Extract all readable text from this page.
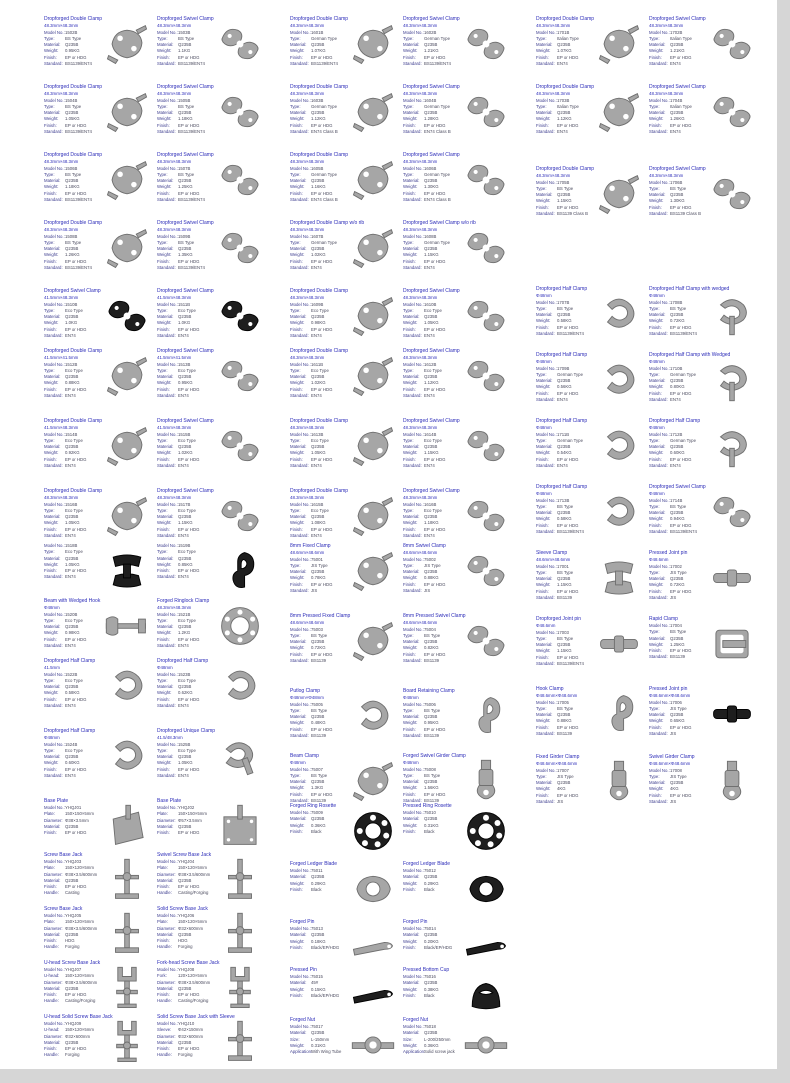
Dropforged Double Clamp
48.3mm×48.3mm
Model No.: 1502B
Type:	BS Type
Material:	Q235B
Weight:	0.95KG
Finish:	EP or HDG
Standard: BS1139/EN74
Dropforged Swivel Clamp
48.3mm×48.3mm
Model No.: 1503B
Type:	BS Type
Material:	Q235B
Weight:	1.1KG
Finish:	EP or HDG
Standard: BS1139/EN74
Dropforged Double Clamp
48.3mm×48.3mm
Model No.: 1504B
Type:	BS Type
Material:	Q235B
Weight:	1.05KG
Finish:	EP or HDG
Standard: BS1139/EN74
Dropforged Swivel Clamp
48.3mm×48.3mm
Model No.: 1505B
Type:	BS Type
Material:	Q235B
Weight:	1.18KG
Finish:	EP or HDG
Standard: BS1139/EN74
Dropforged Double Clamp
48.3mm×48.3mm
Model No.: 1506B
Type:	BS Type
Material:	Q235B
Weight:	1.18KG
Finish:	EP or HDG
Standard: BS1139/EN74
Dropforged Swivel Clamp
48.3mm×48.3mm
Model No.: 1507B
Type:	BS Type
Material:	Q235B
Weight:	1.25KG
Finish:	EP or HDG
Standard: BS1139/EN74
Dropforged Double Clamp
48.3mm×48.3mm
Model No.: 1508B
Type:	BS Type
Material:	Q235B
Weight:	1.26KG
Finish:	EP or HDG
Standard: BS1139/EN74
Dropforged Swivel Clamp
48.3mm×48.3mm
Model No.: 1509B
Type:	BS Type
Material:	Q235B
Weight:	1.35KG
Finish:	EP or HDG
Standard: BS1139/EN74
Dropforged Swivel Clamp
41.5mm×48.3mm
Model No.: 1510B
Type:	Eco Type
Material:	Q235B
Weight:	1.0KG
Finish:	EP or HDG
Standard: EN74
Dropforged Swivel Clamp
41.5mm×48.3mm
Model No.: 1511B
Type:	Eco Type
Material:	Q235B
Weight:	1.0KG
Finish:	EP or HDG
Standard: EN74
Dropforged Double Clamp
41.5mm×41.5mm
Model No.: 1512B
Type:	Eco Type
Material:	Q235B
Weight:	0.88KG
Finish:	EP or HDG
Standard: EN74
Dropforged Swivel Clamp
41.5mm×41.5mm
Model No.: 1513B
Type:	Eco Type
Material:	Q235B
Weight:	0.95KG
Finish:	EP or HDG
Standard: EN74
Dropforged Double Clamp
41.5mm×48.3mm
Model No.: 1514B
Type:	Eco Type
Material:	Q235B
Weight:	0.92KG
Finish:	EP or HDG
Standard: EN74
Dropforged Swivel Clamp
41.5mm×48.3mm
Model No.: 1515B
Type:	Eco Type
Material:	Q235B
Weight:	1.02KG
Finish:	EP or HDG
Standard: EN74
Dropforged Double Clamp
48.3mm×48.3mm
Model No.: 1516B
Type:	Eco Type
Material:	Q235B
Weight:	1.05KG
Finish:	EP or HDG
Standard: EN74
Dropforged Swivel Clamp
48.3mm×48.3mm
Model No.: 1517B
Type:	Eco Type
Material:	Q235B
Weight:	1.15KG
Finish:	EP or HDG
Standard: EN74
Model No.: 1518B
Type:	Eco Type
Material:	Q235B
Weight:	1.05KG
Finish:	EP or HDG
Standard: EN74
Model No.: 1519B
Type:	Eco Type
Material:	Q235B
Weight:	0.85KG
Finish:	EP or HDG
Standard: EN74
Beam with Wedged Hook
Φ48mm
Model No.: 1520B
Type:	Eco Type
Material:	Q235B
Weight:	0.98KG
Finish:	EP or HDG
Standard: EN74
Forged Ringlock Clamp
48.3mm×48.3mm
Model No.: 1521B
Type:	Eco Type
Material:	Q235B
Weight:	1.2KG
Finish:	EP or HDG
Standard: EN74
Dropforged Half Clamp
41.5mm
Model No.: 1522B
Type:	Eco Type
Material:	Q235B
Weight:	0.58KG
Finish:	EP or HDG
Standard: EN74
Dropforged Half Clamp
Φ48mm
Model No.: 1523B
Type:	Eco Type
Material:	Q235B
Weight:	0.62KG
Finish:	EP or HDG
Standard: EN74
Dropforged Half Clamp
Φ48mm
Model No.: 1524B
Type:	Eco Type
Material:	Q235B
Weight:	0.60KG
Finish:	EP or HDG
Standard: EN74
Dropforged Unique Clamp
41.5/48.3mm
Model No.: 1525B
Type:	Eco Type
Material:	Q235B
Weight:	1.05KG
Finish:	EP or HDG
Standard: EN74
Base Plate
Model No.: YHQJ01
Plate:	150×150×5mm
Diameter: Φ38×3.5mm
Material:	Q235B
Finish:	EP or HDG
Base Plate
Model No.: YHQJ02
Plate:	150×150×5mm
Diameter: Φ57×3.5mm
Material:	Q235B
Finish:	EP or HDG
Screw Base Jack
Model No.: YHQJ03
Plate:	150×120×5mm
Diameter: Φ38×3.5/600mm
Material:	Q235B
Finish:	EP or HDG
Handle:	Casting
Swivel Screw Base Jack
Model No.: YHQJ04
Plate:	150×120×5mm
Diameter: Φ38×3.5/600mm
Material:	Q235B
Finish:	EP or HDG
Handle:	Casting/Forging
Screw Base Jack
Model No.: YHQJ05
Plate:	150×120×5mm
Diameter: Φ38×3.5/600mm
Material:	Q235B
Finish:	HDG
Handle:	Forging
Solid Screw Base Jack
Model No.: YHQJ06
Plate:	150×120×5mm
Diameter: Φ32×600mm
Material:	Q235B
Finish:	HDG
Handle:	Forging
U-head Screw Base Jack
Model No.: YHQJ07
U-head:	150×120×5mm
Diameter: Φ38×3.5/600mm
Material:	Q235B
Finish:	EP or HDG
Handle:	Casting/Forging
Fork-head Screw Base Jack
Model No.: YHQJ08
Fork:	120×120×5mm
Diameter: Φ38×3.5/600mm
Material:	Q235B
Finish:	EP or HDG
Handle:	Casting/Forging
U-head Solid Screw Base Jack
Model No.: YHQJ09
U-head:	150×120×5mm
Diameter: Φ32×600mm
Material:	Q235B
Finish:	EP or HDG
Handle:	Forging
Solid Screw Base Jack with Sleeve
Model No.: YHQJ10
Sleeve:	Φ42×150mm
Diameter: Φ32×600mm
Material:	Q235B
Finish:	EP or HDG
Handle:	Forging
Dropforged Double Clamp
48.3mm×48.3mm
Model No.: 1601B
Type:	German Type
Material:	Q235B
Weight:	1.07KG
Finish:	EP or HDG
Standard: BS1139/EN74
Dropforged Swivel Clamp
48.3mm×48.3mm
Model No.: 1602B
Type:	German Type
Material:	Q235B
Weight:	1.21KG
Finish:	EP or HDG
Standard: BS1139/EN74
Dropforged Double Clamp
48.3mm×48.3mm
Model No.: 1603B
Type:	German Type
Material:	Q235B
Weight:	1.12KG
Finish:	EP or HDG
Standard: EN74 Class B
Dropforged Swivel Clamp
48.3mm×48.3mm
Model No.: 1604B
Type:	German Type
Material:	Q235B
Weight:	1.28KG
Finish:	EP or HDG
Standard: EN74 Class B
Dropforged Double Clamp
48.3mm×48.3mm
Model No.: 1605B
Type:	German Type
Material:	Q235B
Weight:	1.16KG
Finish:	EP or HDG
Standard: EN74 Class B
Dropforged Swivel Clamp
48.3mm×48.3mm
Model No.: 1606B
Type:	German Type
Material:	Q235B
Weight:	1.30KG
Finish:	EP or HDG
Standard: EN74 Class B
Dropforged Double Clamp w/o rib
48.3mm×48.3mm
Model No.: 1607B
Type:	German Type
Material:	Q235B
Weight:	1.02KG
Finish:	EP or HDG
Standard: EN74
Dropforged Swivel Clamp w/o rib
48.3mm×48.3mm
Model No.: 1608B
Type:	German Type
Material:	Q235B
Weight:	1.15KG
Finish:	EP or HDG
Standard: EN74
Dropforged Double Clamp
48.3mm×48.3mm
Model No.: 1609B
Type:	Eco Type
Material:	Q235B
Weight:	0.98KG
Finish:	EP or HDG
Standard: EN74
Dropforged Swivel Clamp
48.3mm×48.3mm
Model No.: 1610B
Type:	Eco Type
Material:	Q235B
Weight:	1.05KG
Finish:	EP or HDG
Standard: EN74
Dropforged Double Clamp
48.3mm×48.3mm
Model No.: 1611B
Type:	Eco Type
Material:	Q235B
Weight:	1.02KG
Finish:	EP or HDG
Standard: EN74
Dropforged Swivel Clamp
48.3mm×48.3mm
Model No.: 1612B
Type:	Eco Type
Material:	Q235B
Weight:	1.12KG
Finish:	EP or HDG
Standard: EN74
Dropforged Double Clamp
48.3mm×48.3mm
Model No.: 1613B
Type:	Eco Type
Material:	Q235B
Weight:	1.05KG
Finish:	EP or HDG
Standard: EN74
Dropforged Swivel Clamp
48.3mm×48.3mm
Model No.: 1614B
Type:	Eco Type
Material:	Q235B
Weight:	1.15KG
Finish:	EP or HDG
Standard: EN74
Dropforged Double Clamp
48.3mm×48.3mm
Model No.: 1615B
Type:	Eco Type
Material:	Q235B
Weight:	1.08KG
Finish:	EP or HDG
Standard: EN74
Dropforged Swivel Clamp
48.3mm×48.3mm
Model No.: 1616B
Type:	Eco Type
Material:	Q235B
Weight:	1.18KG
Finish:	EP or HDG
Standard: EN74
8mm Fixed Clamp
48.6mm×48.6mm
Model No.: 75001
Type:	JIS Type
Material:	Q235B
Weight:	0.78KG
Finish:	EP or HDG
Standard: JIS
8mm Swivel Clamp
48.6mm×48.6mm
Model No.: 75002
Type:	JIS Type
Material:	Q235B
Weight:	0.88KG
Finish:	EP or HDG
Standard: JIS
8mm Pressed Fixed Clamp
48.6mm×48.6mm
Model No.: 75003
Type:	BS Type
Material:	Q235B
Weight:	0.72KG
Finish:	EP or HDG
Standard: BS1139
8mm Pressed Swivel Clamp
48.6mm×48.6mm
Model No.: 75004
Type:	BS Type
Material:	Q235B
Weight:	0.82KG
Finish:	EP or HDG
Standard: BS1139
Putlog Clamp
Φ48mm×Φ48mm
Model No.: 75005
Type:	BS Type
Material:	Q235B
Weight:	0.48KG
Finish:	EP or HDG
Standard: BS1139
Board Retaining Clamp
Φ48mm
Model No.: 75006
Type:	BS Type
Material:	Q235B
Weight:	0.95KG
Finish:	EP or HDG
Standard: BS1139
Beam Clamp
Φ48mm
Model No.: 75007
Type:	BS Type
Material:	Q235B
Weight:	1.3KG
Finish:	EP or HDG
Standard: BS1139
Forged Swivel Girder Clamp
Φ48mm
Model No.: 75008
Type:	BS Type
Material:	Q235B
Weight:	1.56KG
Finish:	EP or HDG
Standard: BS1139
Forged Ring Rosette
Model No.: 75009
Material:	Q235B
Weight:	0.36KG
Finish:	Black
Pressed Ring Rosette
Model No.: 75010
Material:	Q235B
Weight:	0.31KG
Finish:	Black
Forged Ledger Blade
Model No.: 75011
Material:	Q235B
Weight:	0.29KG
Finish:	Black
Forged Ledger Blade
Model No.: 75012
Material:	Q235B
Weight:	0.29KG
Finish:	Black
Forged Pin
Model No.: 75013
Material:	Q235B
Weight:	0.18KG
Finish:	Black/EP/HDG
Forged Pin
Model No.: 75014
Material:	Q235B
Weight:	0.20KG
Finish:	Black/EP/HDG
Pressed Pin
Model No.: 75015
Material:	45#
Weight:	0.15KG
Finish:	Black/EP/HDG
Pressed Bottom Cup
Model No.: 75016
Material:	Q235B
Weight:	0.38KG
Finish:	Black
Forged Nut
Model No.: 75017
Material:	Q235B
Size:	L-150mm
Weight:	0.31KG
Application:
With Wing Tube
Forged Nut
Model No.: 75018
Material:	Q235B
Size:	L-200/250mm
Weight:	0.36KG
Application:
Solid screw jack
Dropforged Double Clamp
48.3mm×48.3mm
Model No.: 1701B
Type:	Italian Type
Material:	Q235B
Weight:	1.07KG
Finish:	EP or HDG
Standard: EN74
Dropforged Swivel Clamp
48.3mm×48.3mm
Model No.: 1702B
Type:	Italian Type
Material:	Q235B
Weight:	1.21KG
Finish:	EP or HDG
Standard: EN74
Dropforged Double Clamp
48.3mm×48.3mm
Model No.: 1703B
Type:	Italian Type
Material:	Q235B
Weight:	1.12KG
Finish:	EP or HDG
Standard: EN74
Dropforged Swivel Clamp
48.3mm×48.3mm
Model No.: 1704B
Type:	Italian Type
Material:	Q235B
Weight:	1.26KG
Finish:	EP or HDG
Standard: EN74
Dropforged Double Clamp
48.3mm×48.3mm
Model No.: 1705B
Type:	BS Type
Material:	Q235B
Weight:	1.15KG
Finish:	EP or HDG
Standard: BS1139 Class B
Dropforged Swivel Clamp
48.3mm×48.3mm
Model No.: 1706B
Type:	BS Type
Material:	Q235B
Weight:	1.30KG
Finish:	EP or HDG
Standard: BS1139 Class B
Dropforged Half Clamp
Φ48mm
Model No.: 1707B
Type:	BS Type
Material:	Q235B
Weight:	0.58KG
Finish:	EP or HDG
Standard: BS1139/EN74
Dropforged Half Clamp with wedged
Φ48mm
Model No.: 1708B
Type:	BS Type
Material:	Q235B
Weight:	0.72KG
Finish:	EP or HDG
Standard: BS1139/EN74
Dropforged Half Clamp
Φ48mm
Model No.: 1709B
Type:	German Type
Material:	Q235B
Weight:	0.56KG
Finish:	EP or HDG
Standard: EN74
Dropforged Half Clamp with Wedged
Φ48mm
Model No.: 1710B
Type:	German Type
Material:	Q235B
Weight:	0.80KG
Finish:	EP or HDG
Standard: EN74
Dropforged Half Clamp
Φ48mm
Model No.: 1711B
Type:	German Type
Material:	Q235B
Weight:	0.54KG
Finish:	EP or HDG
Standard: EN74
Dropforged Half Clamp
Φ48mm
Model No.: 1712B
Type:	German Type
Material:	Q235B
Weight:	0.60KG
Finish:	EP or HDG
Standard: EN74
Dropforged Half Clamp
Φ48mm
Model No.: 1713B
Type:	BS Type
Material:	Q235B
Weight:	0.58KG
Finish:	EP or HDG
Standard: BS1139/EN74
Dropforged Swivel Clamp
Φ48mm
Model No.: 1714B
Type:	BS Type
Material:	Q235B
Weight:	0.94KG
Finish:	EP or HDG
Standard: BS1139/EN74
Sleeve Clamp
48.6mm×48.6mm
Model No.: 17001
Type:	BS Type
Material:	Q235B
Weight:	1.15KG
Finish:	EP or HDG
Standard: BS1139
Pressed Joint pin
Φ48.6mm
Model No.: 17002
Type:	JIS Type
Material:	Q235B
Weight:	0.72KG
Finish:	EP or HDG
Standard: JIS
Dropforged Joint pin
Φ48.6mm
Model No.: 17003
Type:	BS Type
Material:	Q235B
Weight:	1.15KG
Finish:	EP or HDG
Standard: BS1139/EN74
Rapid Clamp
Model No.: 17004
Type:	BS Type
Material:	Q235B
Weight:	1.25KG
Finish:	EP or HDG
Standard: BS1139
Hook Clamp
Φ48.6mm×Φ48.6mm
Model No.: 17005
Type:	BS Type
Material:	Q235B
Weight:	0.88KG
Finish:	EP or HDG
Standard: BS1139
Pressed Joint pin
Φ48.6mm×Φ48.6mm
Model No.: 17006
Type:	JIS Type
Material:	Q235B
Weight:	0.65KG
Finish:	EP or HDG
Standard: JIS
Fixed Girder Clamp
Φ48.6mm×Φ48.6mm
Model No.: 17007
Type:	JIS Type
Material:	Q235B
Weight:	4KG
Finish:	EP or HDG
Standard: JIS
Swivel Girder Clamp
Φ48.6mm×Φ48.6mm
Model No.: 17008
Type:	JIS Type
Material:	Q235B
Weight:	4KG
Finish:	EP or HDG
Standard: JIS
